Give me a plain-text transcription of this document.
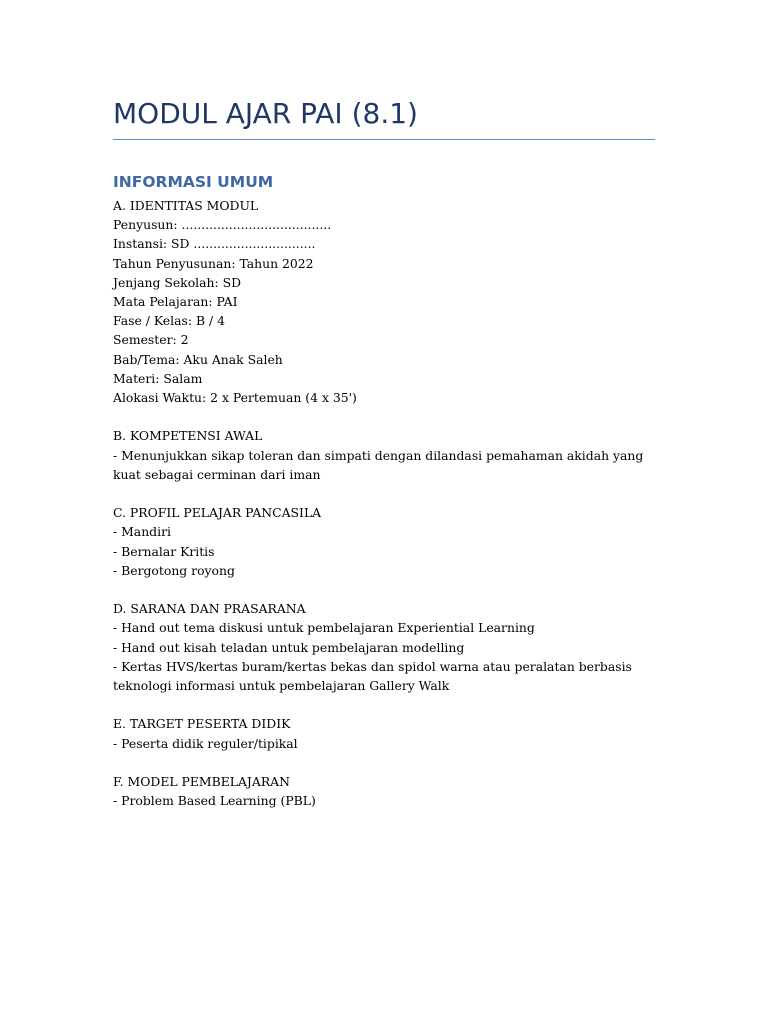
MODUL AJAR PAI (8.1)
INFORMASI UMUM

A. IDENTITAS MODUL

Penyusun: ......................................

Instansi: SD ...............................

Tahun Penyusunan: Tahun 2022

Jenjang Sekolah: SD

Mata Pelajaran: PAI

Fase / Kelas: B / 4

Semester: 2

Bab/Tema: Aku Anak Saleh

Materi: Salam

Alokasi Waktu: 2 x Pertemuan (4 x 35')

B. KOMPETENSI AWAL

- Menunjukkan sikap toleran dan simpati dengan dilandasi pemahaman akidah yang kuat sebagai cerminan dari iman

C. PROFIL PELAJAR PANCASILA

- Mandiri

- Bernalar Kritis

- Bergotong royong

D. SARANA DAN PRASARANA

- Hand out tema diskusi untuk pembelajaran Experiential Learning

- Hand out kisah teladan untuk pembelajaran modelling

- Kertas HVS/kertas buram/kertas bekas dan spidol warna atau peralatan berbasis teknologi informasi untuk pembelajaran Gallery Walk

E. TARGET PESERTA DIDIK

- Peserta didik reguler/tipikal

F. MODEL PEMBELAJARAN

- Problem Based Learning (PBL)
